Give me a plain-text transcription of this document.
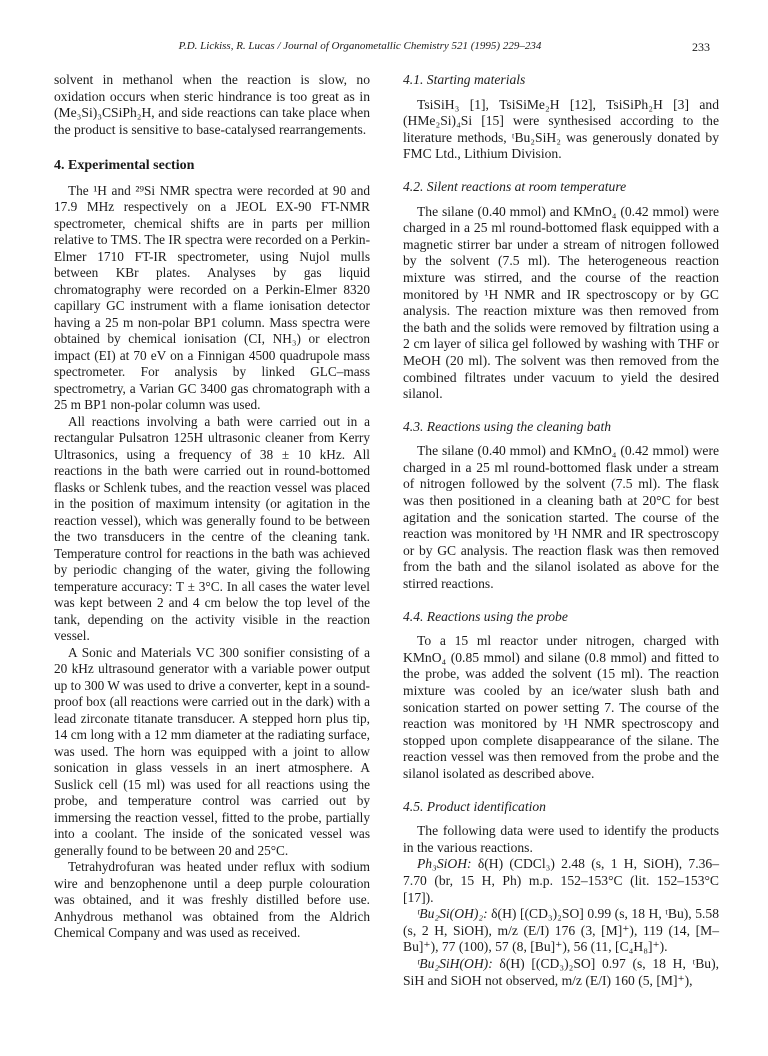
P.D. Lickiss, R. Lucas / Journal of Organometallic Chemistry 521 (1995) 229–234	233

solvent in methanol when the reaction is slow, no oxidation occurs when steric hindrance is too great as in (Me₃Si)₃CSiPh₂H, and side reactions can take place when the product is sensitive to base-catalysed rearrangements.

4. Experimental section

The ¹H and ²⁹Si NMR spectra were recorded at 90 and 17.9 MHz respectively on a JEOL EX-90 FT-NMR spectrometer, chemical shifts are in parts per million relative to TMS. The IR spectra were recorded on a Perkin-Elmer 1710 FT-IR spectrometer, using Nujol mulls between KBr plates. Analyses by gas liquid chromatography were recorded on a Perkin-Elmer 8320 capillary GC instrument with a flame ionisation detector having a 25 m non-polar BP1 column. Mass spectra were obtained by chemical ionisation (CI, NH₃) or electron impact (EI) at 70 eV on a Finnigan 4500 quadrupole mass spectrometer. For analysis by linked GLC–mass spectrometry, a Varian GC 3400 gas chromatograph with a 25 m BP1 non-polar column was used.

All reactions involving a bath were carried out in a rectangular Pulsatron 125H ultrasonic cleaner from Kerry Ultrasonics, using a frequency of 38 ± 10 kHz. All reactions in the bath were carried out in round-bottomed flasks or Schlenk tubes, and the reaction vessel was placed in the position of maximum intensity (or agitation in the reaction vessel), which was generally found to be between the two transducers in the centre of the cleaning tank. Temperature control for reactions in the bath was achieved by periodic changing of the water, giving the following temperature accuracy: T ± 3°C. In all cases the water level was kept between 2 and 4 cm below the top level of the tank, depending on the activity visible in the reaction vessel.

A Sonic and Materials VC 300 sonifier consisting of a 20 kHz ultrasound generator with a variable power output up to 300 W was used to drive a converter, kept in a sound-proof box (all reactions were carried out in the dark) with a lead zirconate titanate transducer. A stepped horn plus tip, 14 cm long with a 12 mm diameter at the radiating surface, was used. The horn was equipped with a joint to allow sonication in glass vessels in an inert atmosphere. A Suslick cell (15 ml) was used for all reactions using the probe, and temperature control was carried out by immersing the reaction vessel, fitted to the probe, partially into a coolant. The inside of the sonicated vessel was generally found to be between 20 and 25°C.

Tetrahydrofuran was heated under reflux with sodium wire and benzophenone until a deep purple colouration was obtained, and it was freshly distilled before use. Anhydrous methanol was obtained from the Aldrich Chemical Company and was used as received.

4.1. Starting materials

TsiSiH₃ [1], TsiSiMe₂H [12], TsiSiPh₂H [3] and (HMe₂Si)₄Si [15] were synthesised according to the literature methods, ᵗBu₂SiH₂ was generously donated by FMC Ltd., Lithium Division.

4.2. Silent reactions at room temperature

The silane (0.40 mmol) and KMnO₄ (0.42 mmol) were charged in a 25 ml round-bottomed flask equipped with a magnetic stirrer bar under a stream of nitrogen followed by the solvent (7.5 ml). The heterogeneous reaction mixture was stirred, and the course of the reaction monitored by ¹H NMR and IR spectroscopy or by GC analysis. The reaction mixture was then removed from the bath and the solids were removed by filtration using a 2 cm layer of silica gel followed by washing with THF or MeOH (20 ml). The solvent was then removed from the combined filtrates under vacuum to yield the desired silanol.

4.3. Reactions using the cleaning bath

The silane (0.40 mmol) and KMnO₄ (0.42 mmol) were charged in a 25 ml round-bottomed flask under a stream of nitrogen followed by the solvent (7.5 ml). The flask was then positioned in a cleaning bath at 20°C for best agitation and the sonication started. The course of the reaction was monitored by ¹H NMR and IR spectroscopy or by GC analysis. The reaction flask was then removed from the bath and the silanol isolated as above for the stirred reactions.

4.4. Reactions using the probe

To a 15 ml reactor under nitrogen, charged with KMnO₄ (0.85 mmol) and silane (0.8 mmol) and fitted to the probe, was added the solvent (15 ml). The reaction mixture was cooled by an ice/water slush bath and sonication started on power setting 7. The course of the reaction was monitored by ¹H NMR spectroscopy and stopped upon complete disappearance of the silane. The reaction vessel was then removed from the probe and the silanol isolated as described above.

4.5. Product identification

The following data were used to identify the products in the various reactions.

Ph₃SiOH: δ(H) (CDCl₃) 2.48 (s, 1 H, SiOH), 7.36–7.70 (br, 15 H, Ph) m.p. 152–153°C (lit. 152–153°C [17]).

ᵗBu₂Si(OH)₂: δ(H) [(CD₃)₂SO] 0.99 (s, 18 H, ᵗBu), 5.58 (s, 2 H, SiOH), m/z (E/I) 176 (3, [M]⁺), 119 (14, [M–Bu]⁺), 77 (100), 57 (8, [Bu]⁺), 56 (11, [C₄H₈]⁺).

ᵗBu₂SiH(OH): δ(H) [(CD₃)₂SO] 0.97 (s, 18 H, ᵗBu), SiH and SiOH not observed, m/z (E/I) 160 (5, [M]⁺),
